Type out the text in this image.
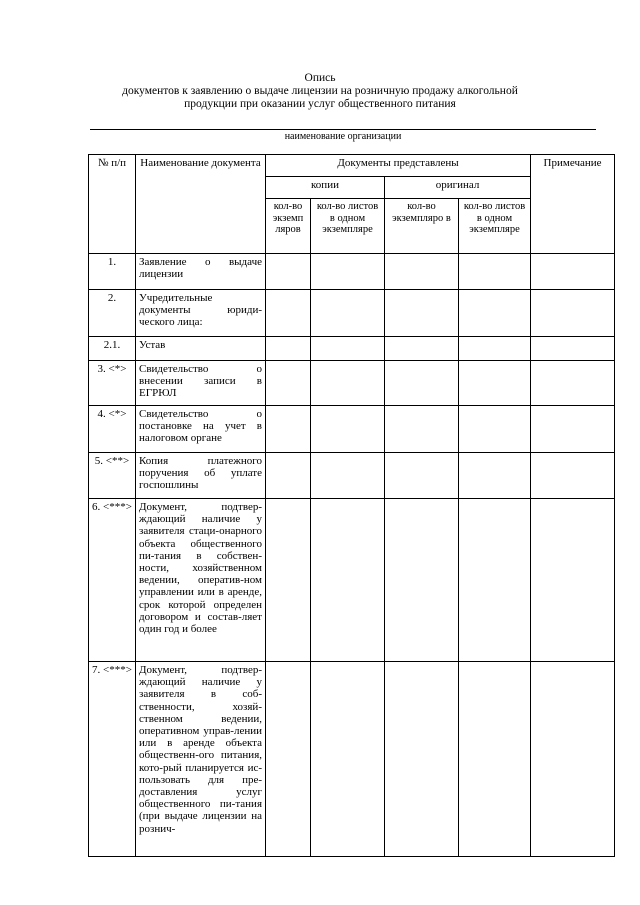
Опись
документов к заявлению о выдаче лицензии на розничную продажу алкогольной
продукции при оказании услуг общественного питания
наименование организации
№ п/п	Наименование документа	Документы представлены				Примечание
		копии		оригинал		
		кол-во экземп ляров	кол-во листов в одном экземпляре	кол-во экземпляро в	кол-во листов в одном экземпляре	
1.	Заявление о выдаче лицензии					
2.	Учредительные документы юриди-ческого лица:					
2.1.	Устав					
3. <*>	Свидетельство о внесении записи в ЕГРЮЛ					
4. <*>	Свидетельство о постановке на учет в налоговом органе					
5. <**>	Копия платежного поручения об уплате госпошлины					
6. <***>	Документ, подтвер-ждающий наличие у заявителя стаци-онарного объекта общественного пи-тания в собствен-ности, хозяйственном ведении, оператив-ном управлении или в аренде, срок которой определен договором и состав-ляет один год и более					
7. <***>	Документ, подтвер-ждающий наличие у заявителя в соб-ственности, хозяй-ственном ведении, оперативном управ-лении или в аренде объекта общественн-ого питания, кото-рый планируется ис-пользовать для пре-доставления услуг общественного пи-тания (при выдаче лицензии на рознич-					
